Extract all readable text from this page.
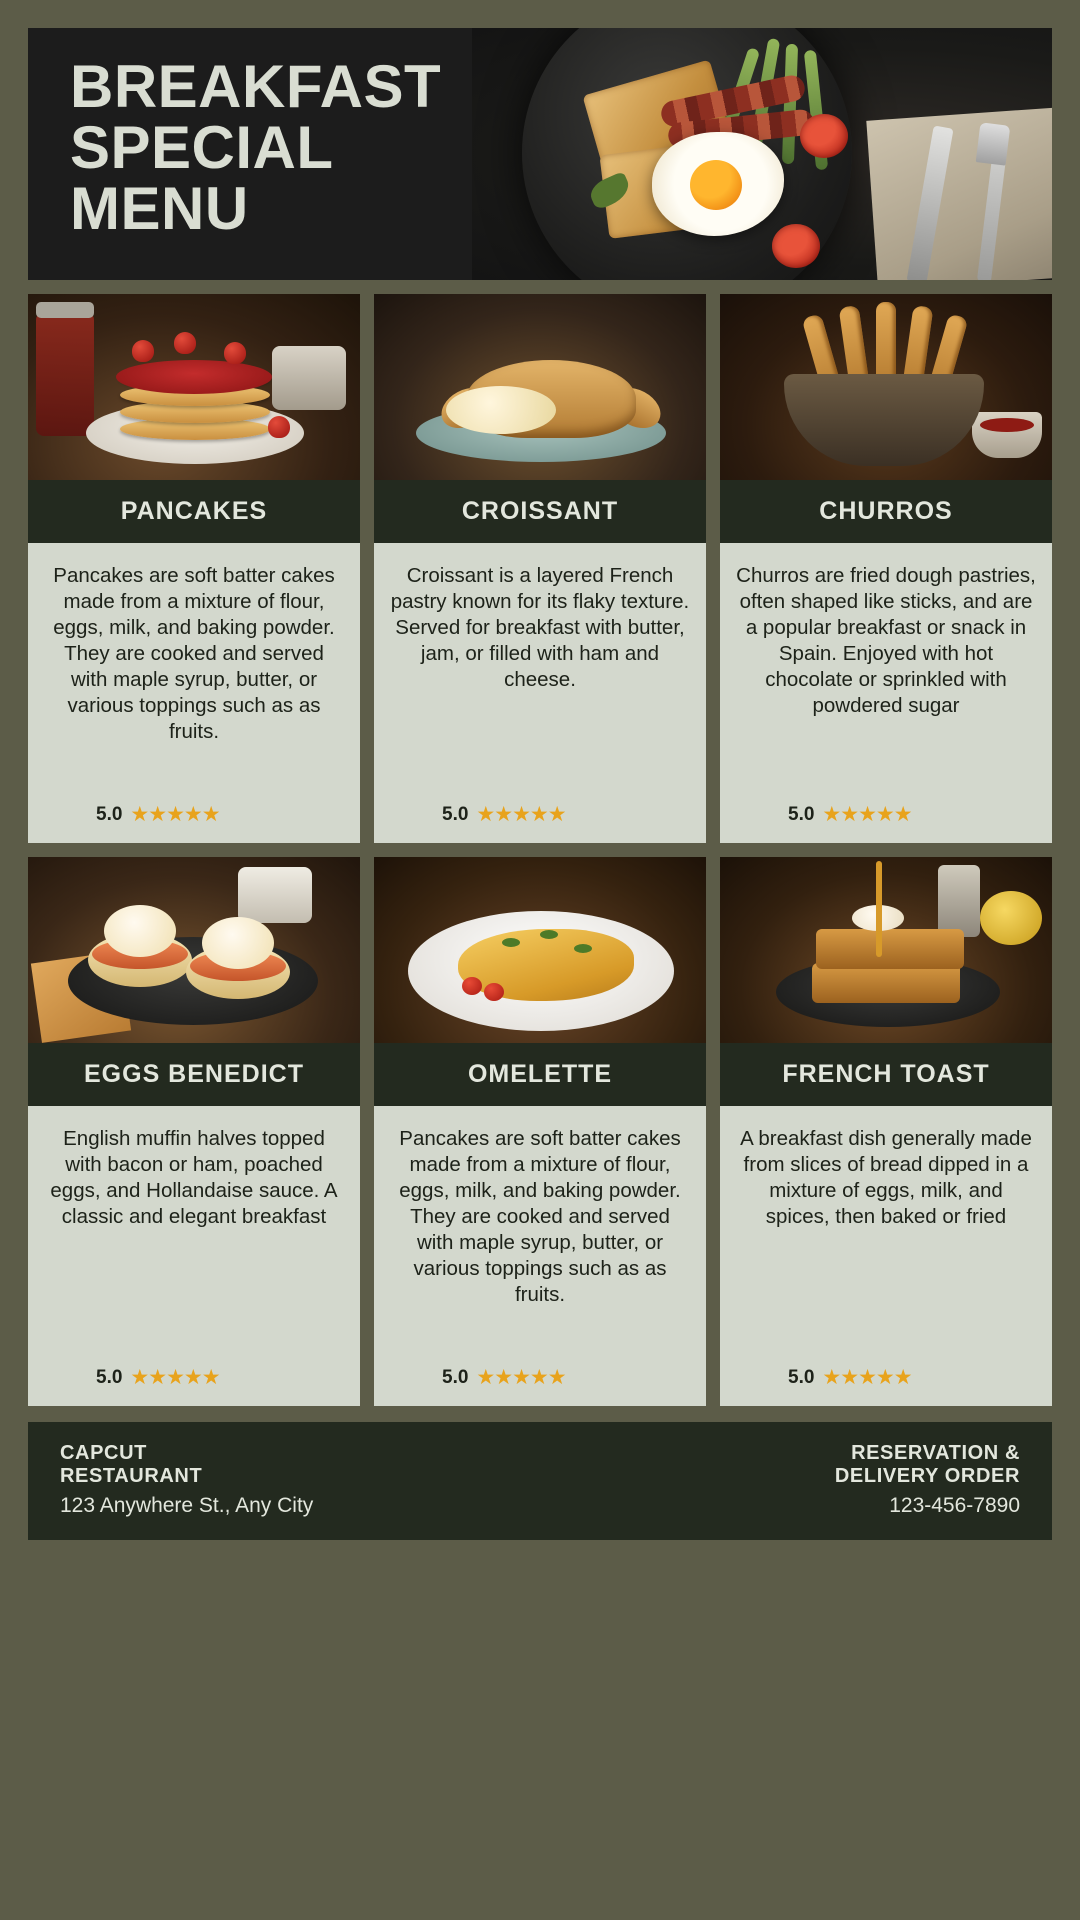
BREAKFAST
SPECIAL
MENU
PANCAKES
Pancakes are soft batter cakes made from a mixture of flour, eggs, milk, and baking powder. They are cooked and served with maple syrup, butter, or various toppings such as as fruits.
5.0 ★★★★★
CROISSANT
Croissant is a layered French pastry known for its flaky texture. Served for breakfast with butter, jam, or filled with ham and cheese.
5.0 ★★★★★
CHURROS
Churros are fried dough pastries, often shaped like sticks, and are a popular breakfast or snack in Spain. Enjoyed with hot chocolate or sprinkled with powdered sugar
5.0 ★★★★★
EGGS BENEDICT
English muffin halves topped with bacon or ham, poached eggs, and Hollandaise sauce. A classic and elegant breakfast
5.0 ★★★★★
OMELETTE
Pancakes are soft batter cakes made from a mixture of flour, eggs, milk, and baking powder. They are cooked and served with maple syrup, butter, or various toppings such as as fruits.
5.0 ★★★★★
FRENCH TOAST
A breakfast dish generally made from slices of bread dipped in a mixture of eggs, milk, and spices, then baked or fried
5.0 ★★★★★
CAPCUT
RESTAURANT
123 Anywhere St., Any City
RESERVATION &
DELIVERY ORDER
123-456-7890
